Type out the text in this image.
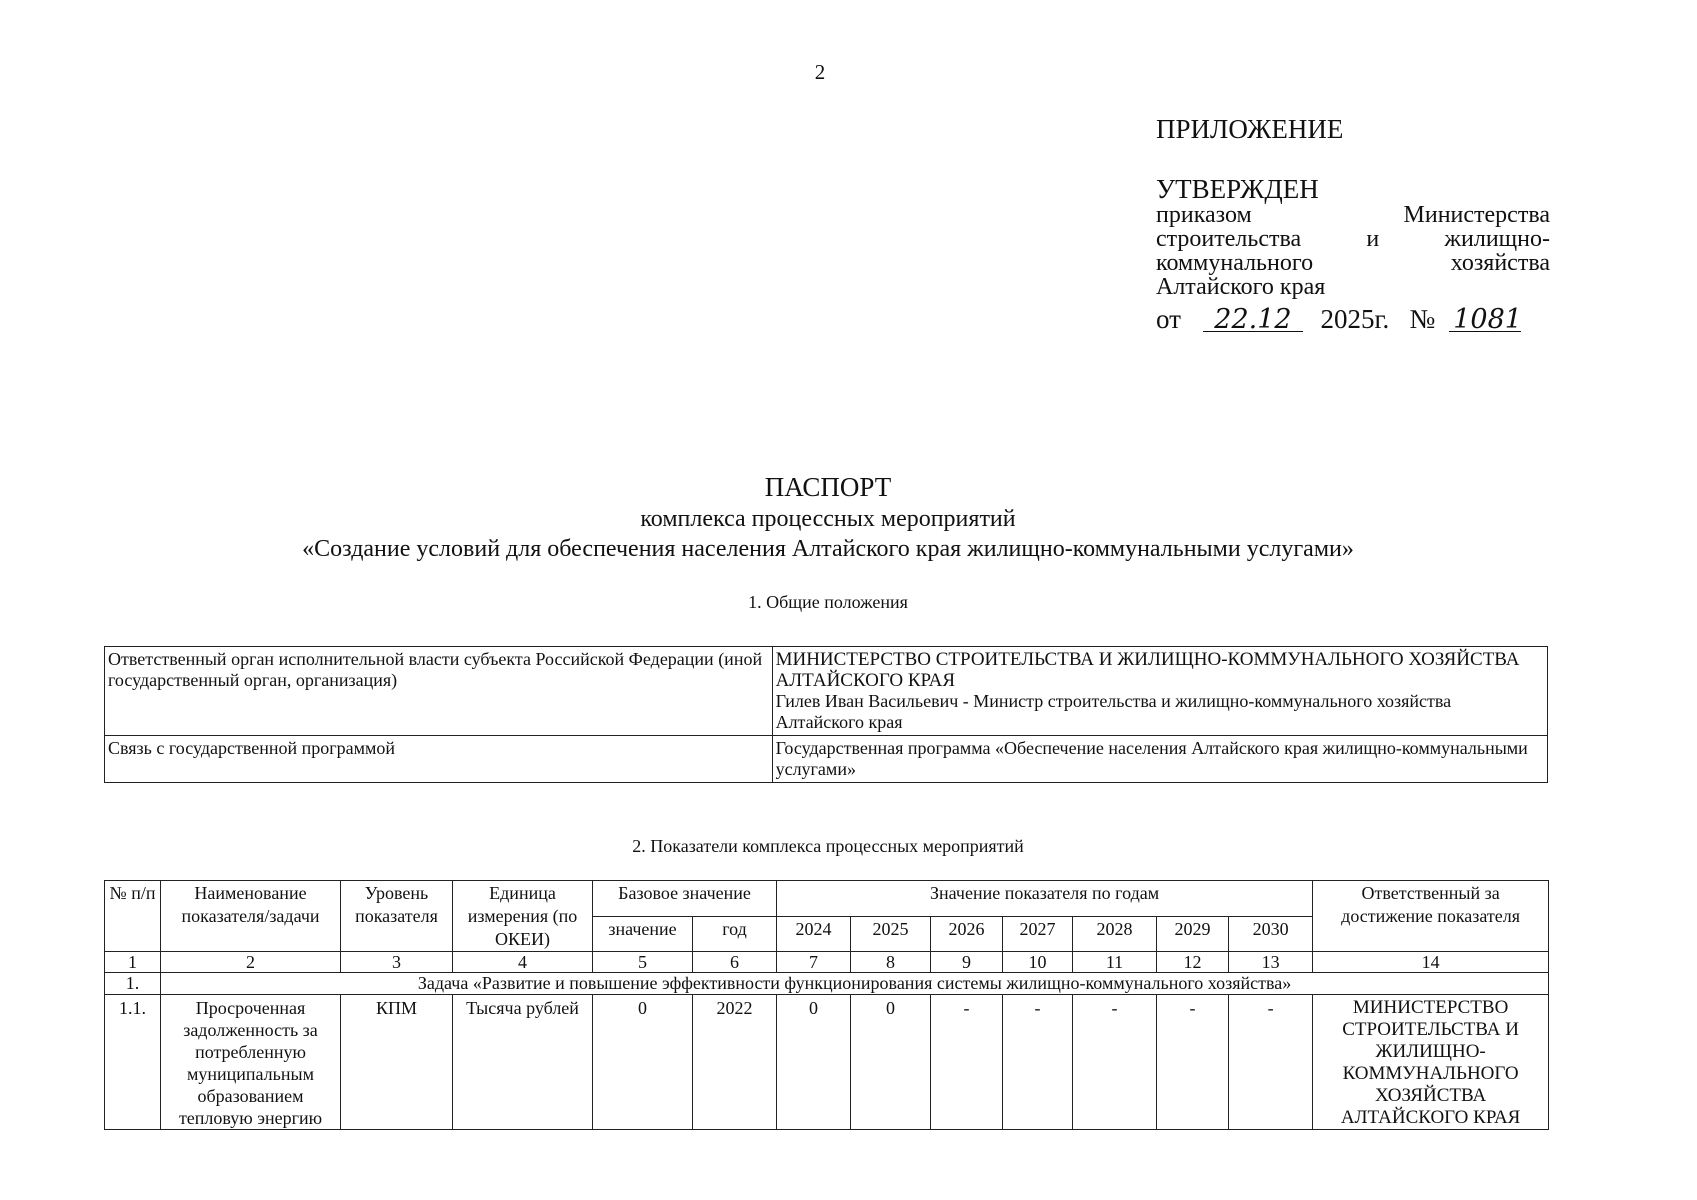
2
ПРИЛОЖЕНИЕ
УТВЕРЖДЕН
приказом Министерства
строительства и жилищно-
коммунального хозяйства
Алтайского края
от 22.12 2025г. № 1081
ПАСПОРТ
комплекса процессных мероприятий
«Создание условий для обеспечения населения Алтайского края жилищно-коммунальными услугами»
1. Общие положения
Ответственный орган исполнительной власти субъекта Российской Федерации (иной государственный орган, организация)	МИНИСТЕРСТВО СТРОИТЕЛЬСТВА И ЖИЛИЩНО-КОММУНАЛЬНОГО ХОЗЯЙСТВА АЛТАЙСКОГО КРАЯ
Гилев Иван Васильевич - Министр строительства и жилищно-коммунального хозяйства Алтайского края

Связь с государственной программой	Государственная программа «Обеспечение населения Алтайского края жилищно-коммунальными услугами»
2. Показатели комплекса процессных мероприятий
№ п/п	Наименование показателя/задачи	Уровень показателя	Единица измерения (по ОКЕИ)	Базовое значение		Значение показателя по годам							Ответственный за достижение показателя
				значение	год	2024	2025	2026	2027	2028	2029	2030	
1	2	3	4	5	6	7	8	9	10	11	12	13	14
1.	Задача «Развитие и повышение эффективности функционирования системы жилищно-коммунального хозяйства»												
1.1.	Просроченная задолженность за потребленную муниципальным образованием тепловую энергию	КПМ	Тысяча рублей	0	2022	0	0	-	-	-	-	-	МИНИСТЕРСТВО СТРОИТЕЛЬСТВА И ЖИЛИЩНО-КОММУНАЛЬНОГО ХОЗЯЙСТВА АЛТАЙСКОГО КРАЯ
